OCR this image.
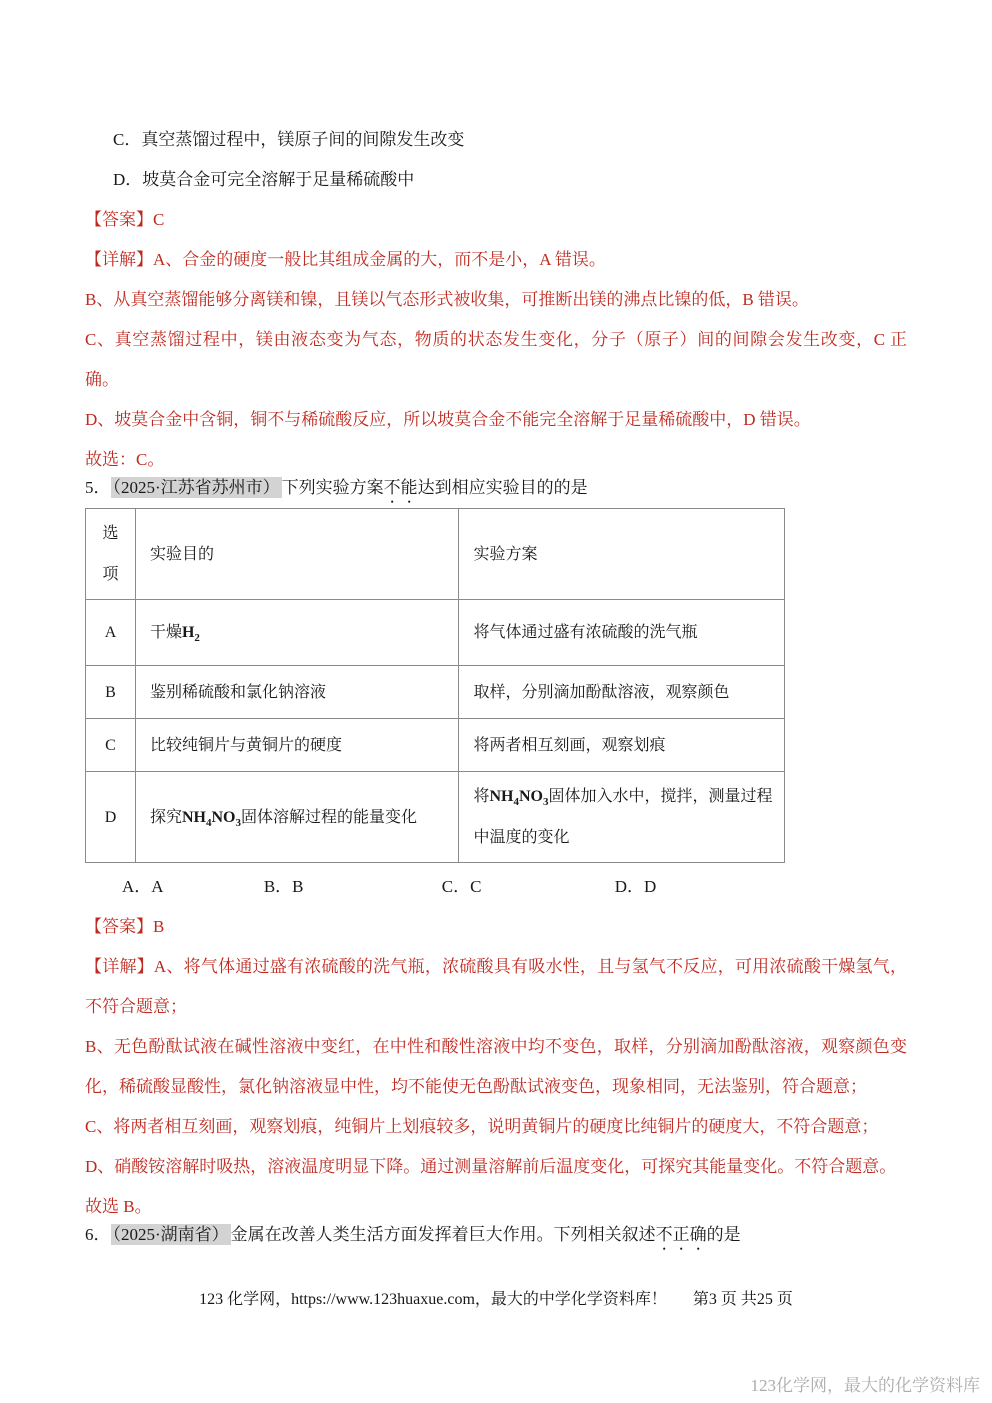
C．真空蒸馏过程中，镁原子间的间隙发生改变

D．坡莫合金可完全溶解于足量稀硫酸中

【答案】C

【详解】A、合金的硬度一般比其组成金属的大，而不是小，A 错误。

B、从真空蒸馏能够分离镁和镍，且镁以气态形式被收集，可推断出镁的沸点比镍的低，B 错误。

C、真空蒸馏过程中，镁由液态变为气态，物质的状态发生变化，分子（原子）间的间隙会发生改变，C 正确。

D、坡莫合金中含铜，铜不与稀硫酸反应，所以坡莫合金不能完全溶解于足量稀硫酸中，D 错误。

故选：C。

5． （2025·江苏省苏州市） 下列实验方案不能达到相应实验目的的是

选项	实验目的	实验方案
A	干燥$H_2$	将气体通过盛有浓硫酸的洗气瓶
B	鉴别稀硫酸和氯化钠溶液	取样，分别滴加酚酞溶液，观察颜色
C	比较纯铜片与黄铜片的硬度	将两者相互刻画，观察划痕
D	探究$NH_4NO_3$固体溶解过程的能量变化	将$NH_4NO_3$固体加入水中，搅拌，测量过程中温度的变化
A．A	B．B	C．C	D．D

【答案】B

【详解】A、将气体通过盛有浓硫酸的洗气瓶，浓硫酸具有吸水性，且与氢气不反应，可用浓硫酸干燥氢气，不符合题意；

B、无色酚酞试液在碱性溶液中变红，在中性和酸性溶液中均不变色，取样，分别滴加酚酞溶液，观察颜色变化，稀硫酸显酸性，氯化钠溶液显中性，均不能使无色酚酞试液变色，现象相同，无法鉴别，符合题意；

C、将两者相互刻画，观察划痕，纯铜片上划痕较多，说明黄铜片的硬度比纯铜片的硬度大，不符合题意；

D、硝酸铵溶解时吸热，溶液温度明显下降。通过测量溶解前后温度变化，可探究其能量变化。不符合题意。

故选 B。

6． （2025·湖南省） 金属在改善人类生活方面发挥着巨大作用。下列相关叙述不正确的是

123 化学网，https://www.123huaxue.com，最大的中学化学资料库！ 第3 页 共25 页
123化学网，最大的化学资料库
